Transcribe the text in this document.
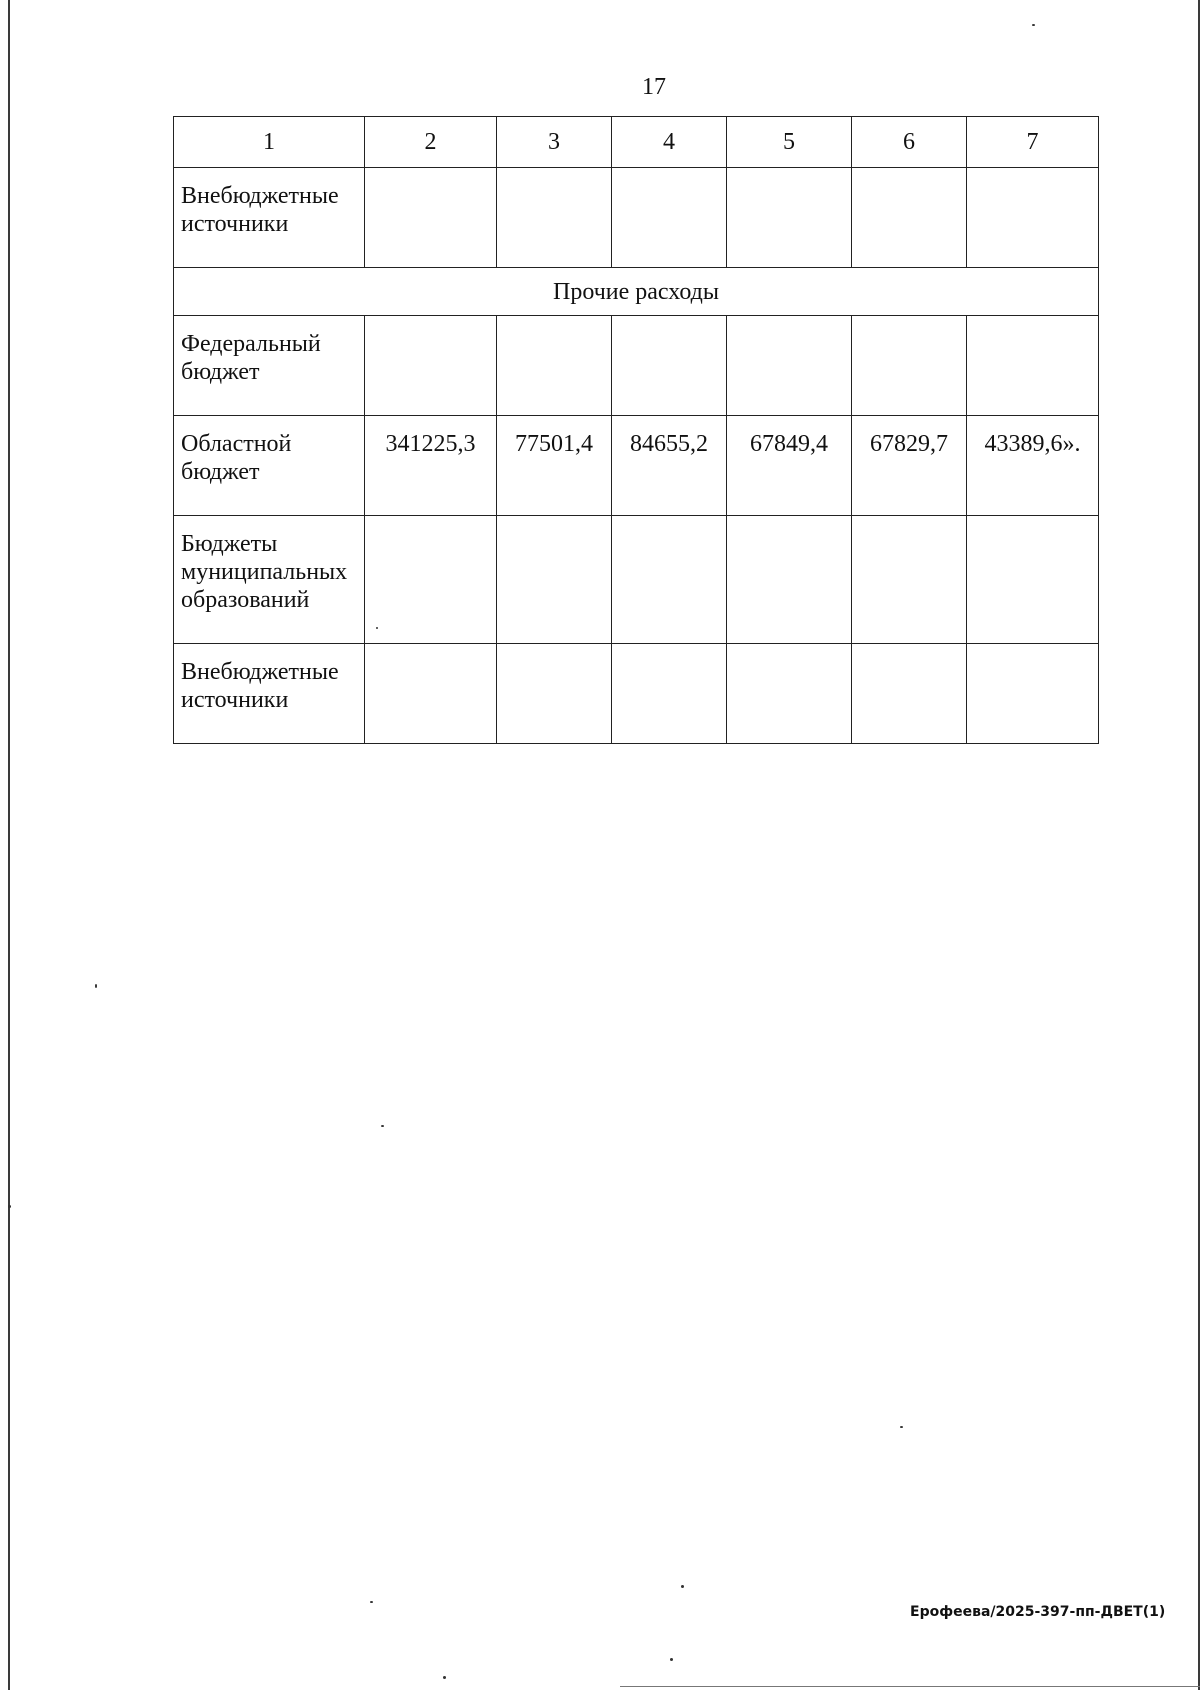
17
1	2	3	4	5	6	7
Внебюджетные источники						
Прочие расходы						
Федеральный бюджет						
Областной бюджет	341225,3	77501,4	84655,2	67849,4	67829,7	43389,6».
Бюджеты муниципальных образований						
Внебюджетные источники						
Ерофеева/2025-397-пп-ДВЕТ(1)
